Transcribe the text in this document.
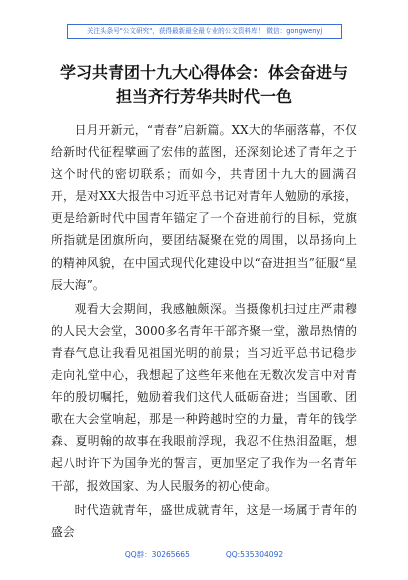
关注头条号"公文研究"，获得最新最全最专业的公文资料库！ 微信：gongwenyj
学习共青团十九大心得体会：体会奋进与
担当齐行芳华共时代一色

日月开新元，“青春”启新篇。XX大的华丽落幕，不仅给新时代征程擘画了宏伟的蓝图，还深刻论述了青年之于这个时代的密切联系；而如今，共青团十九大的圆满召开，是对XX大报告中习近平总书记对青年人勉励的承接，更是给新时代中国青年锚定了一个奋进前行的目标，党旗所指就是团旗所向，要团结凝聚在党的周围，以昂扬向上的精神风貌，在中国式现代化建设中以“奋进担当”征服“星辰大海”。

观看大会期间，我感触颇深。当摄像机扫过庄严肃穆的人民大会堂，3000多名青年干部齐聚一堂，激昂热情的青春气息让我看见祖国光明的前景；当习近平总书记稳步走向礼堂中心，我想起了这些年来他在无数次发言中对青年的殷切嘱托，勉励着我们这代人砥砺奋进；当国歌、团歌在大会堂响起，那是一种跨越时空的力量，青年的钱学森、夏明翰的故事在我眼前浮现，我忍不住热泪盈眶，想起八时许下为国争光的誓言，更加坚定了我作为一名青年干部，报效国家、为人民服务的初心使命。

时代造就青年，盛世成就青年，这是一场属于青年的盛会

QQ群：30265665	QQ:535304092
